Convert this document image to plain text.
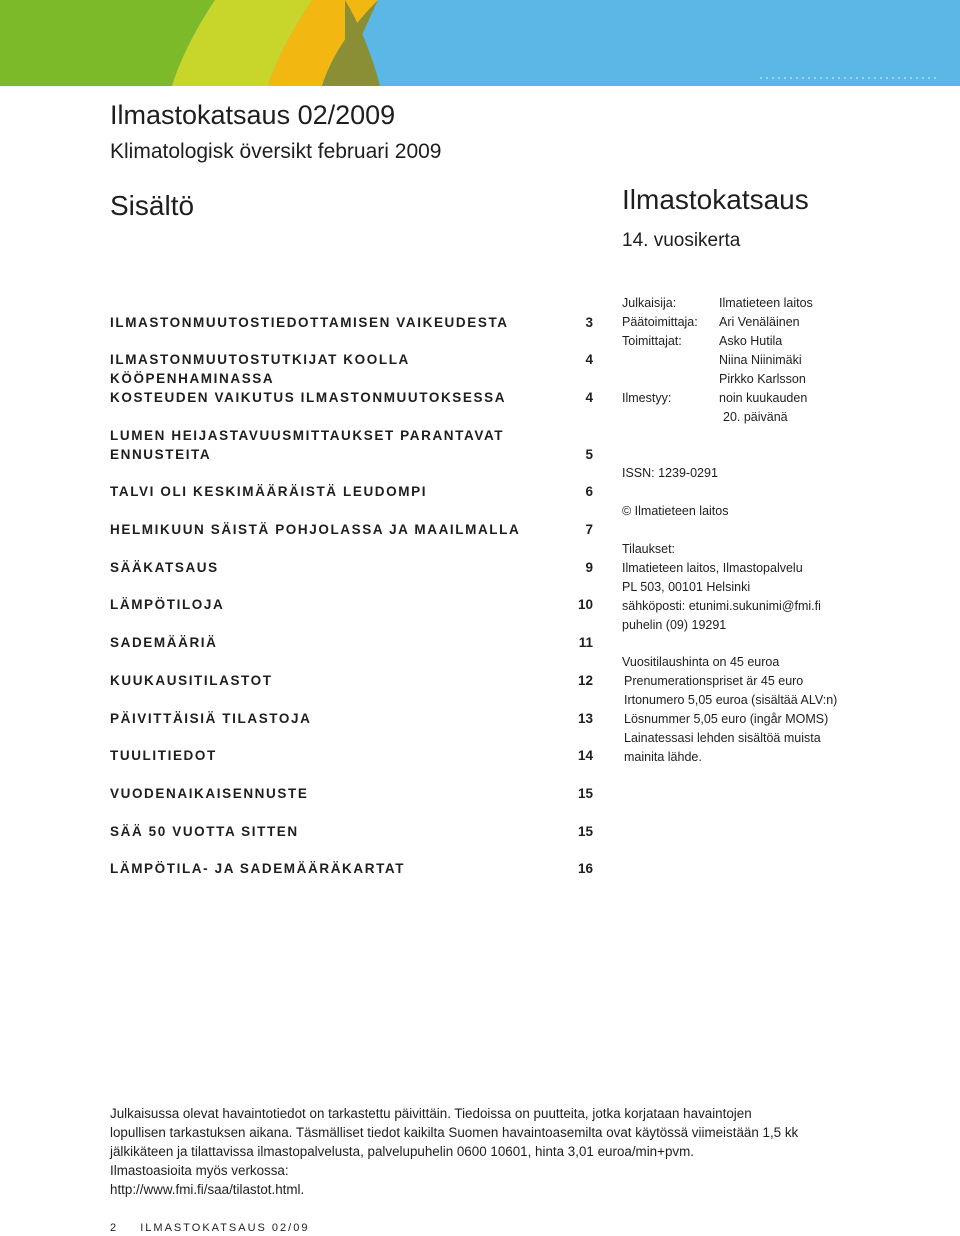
Ilmastokatsaus 02/2009
Klimatologisk översikt februari 2009
Sisältö	Ilmastokatsaus
14. vuosikerta
ILMASTONMUUTOSTIEDOTTAMISEN VAIKEUDESTA	3
ILMASTONMUUTOSTUTKIJAT KOOLLA KÖÖPENHAMINASSA
4
KOSTEUDEN VAIKUTUS ILMASTONMUUTOKSESSA	4
LUMEN HEIJASTAVUUSMITTAUKSET PARANTAVAT ENNUSTEITA	5
TALVI OLI KESKIMÄÄRÄISTÄ LEUDOMPI	6
HELMIKUUN SÄISTÄ POHJOLASSA JA MAAILMALLA	7
SÄÄKATSAUS	9
LÄMPÖTILOJA	10
SADEMÄÄRIÄ	11
KUUKAUSITILASTOT	12
PÄIVITTÄISIÄ TILASTOJA	13
TUULITIEDOT	14
VUODENAIKAISENNUSTE	15
SÄÄ 50 VUOTTA SITTEN	15
LÄMPÖTILA- JA SADEMÄÄRÄKARTAT	16
Julkaisija:	Ilmatieteen laitos
Päätoimittaja: Ari Venäläinen
Toimittajat:	Asko Hutila
Niina Niinimäki
Pirkko Karlsson
Ilmestyy:	noin kuukauden
20. päivänä
ISSN: 1239-0291
© Ilmatieteen laitos
Tilaukset:
Ilmatieteen laitos, Ilmastopalvelu
PL 503, 00101 Helsinki
sähköposti: etunimi.sukunimi@fmi.fi
puhelin (09) 19291
Vuositilaushinta on 45 euroa
Prenumerationspriset är 45 euro
Irtonumero 5,05 euroa (sisältää ALV:n)
Lösnummer 5,05 euro (ingår MOMS)
Lainatessasi lehden sisältöä muista
mainita lähde.
Julkaisussa olevat havaintotiedot on tarkastettu päivittäin. Tiedoissa on puutteita, jotka korjataan havaintojen
lopullisen tarkastuksen aikana. Täsmälliset tiedot kaikilta Suomen havaintoasemilta ovat käytössä viimeistään 1,5 kk
jälkikäteen ja tilattavissa ilmastopalvelusta, palvelupuhelin 0600 10601, hinta 3,01 euroa/min+pvm.
Ilmastoasioita myös verkossa:
http://www.fmi.fi/saa/tilastot.html.
2 ILMASTOKATSAUS 02/09
